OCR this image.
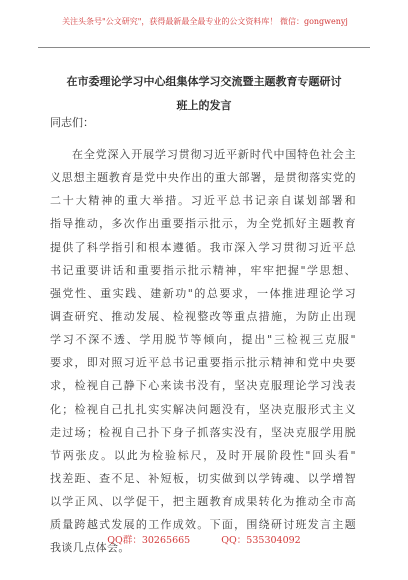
关注头条号"公文研究"，获得最新最全最专业的公文资料库！ 微信：gongwenyj
在市委理论学习中心组集体学习交流暨主题教育专题研讨
班上的发言
同志们：
在全党深入开展学习贯彻习近平新时代中国特色社会主
义思想主题教育是党中央作出的重大部署，是贯彻落实党的
二十大精神的重大举措。习近平总书记亲自谋划部署和
指导推动，多次作出重要指示批示，为全党抓好主题教育
提供了科学指引和根本遵循。我市深入学习贯彻习近平总
书记重要讲话和重要指示批示精神，牢牢把握"学思想、
强党性、重实践、建新功"的总要求，一体推进理论学习
调查研究、推动发展、检视整改等重点措施，为防止出现
学习不深不透、学用脱节等倾向，提出"三检视三克服"
要求，即对照习近平总书记重要指示批示精神和党中央要
求，检视自己静下心来读书没有，坚决克服理论学习浅表
化；检视自己扎扎实实解决问题没有，坚决克服形式主义
走过场；检视自己扑下身子抓落实没有，坚决克服学用脱
节两张皮。以此为检验标尺，及时开展阶段性"回头看"
找差距、查不足、补短板，切实做到以学铸魂、以学增智
以学正风、以学促干，把主题教育成果转化为推动全市高
质量跨越式发展的工作成效。下面，围绕研讨班发言主题
我谈几点体会。
QQ群：30265665	QQ：535304092
